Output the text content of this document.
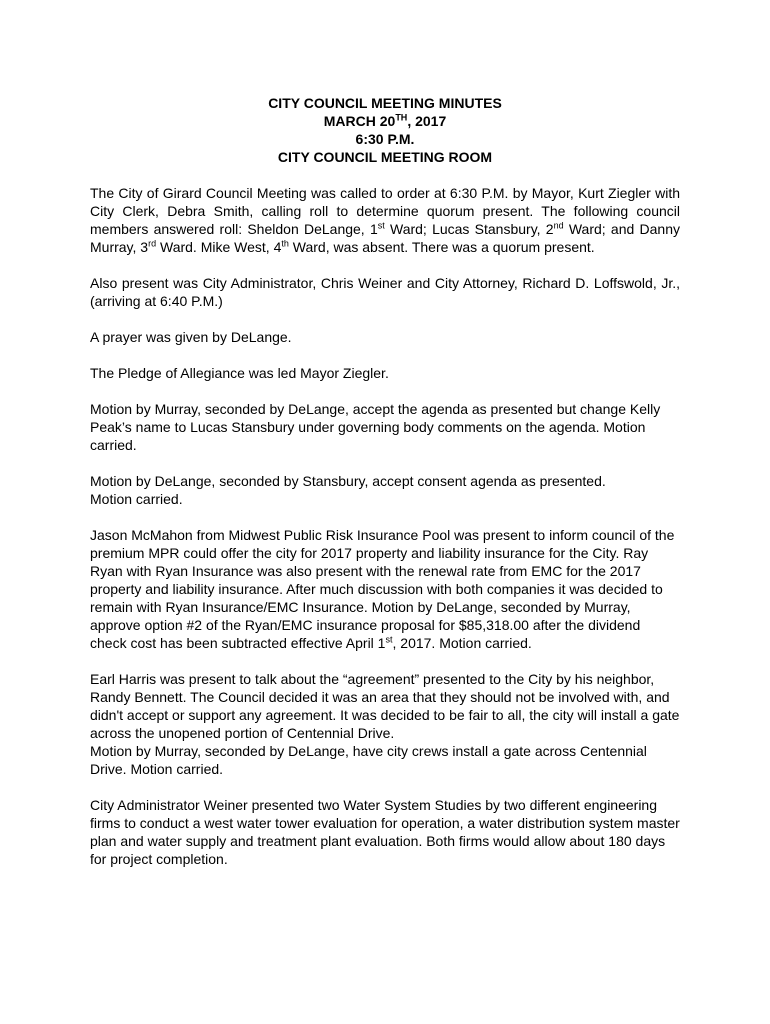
CITY COUNCIL MEETING MINUTES
MARCH 20TH, 2017
6:30 P.M.
CITY COUNCIL MEETING ROOM

The City of Girard Council Meeting was called to order at 6:30 P.M. by Mayor, Kurt Ziegler with City Clerk, Debra Smith, calling roll to determine quorum present. The following council members answered roll: Sheldon DeLange, 1st Ward; Lucas Stansbury, 2nd Ward; and Danny Murray, 3rd Ward. Mike West, 4th Ward, was absent. There was a quorum present.

Also present was City Administrator, Chris Weiner and City Attorney, Richard D. Loffswold, Jr., (arriving at 6:40 P.M.)

A prayer was given by DeLange.

The Pledge of Allegiance was led Mayor Ziegler.

Motion by Murray, seconded by DeLange, accept the agenda as presented but change Kelly Peak’s name to Lucas Stansbury under governing body comments on the agenda. Motion carried.

Motion by DeLange, seconded by Stansbury, accept consent agenda as presented.
Motion carried.

Jason McMahon from Midwest Public Risk Insurance Pool was present to inform council of the premium MPR could offer the city for 2017 property and liability insurance for the City. Ray Ryan with Ryan Insurance was also present with the renewal rate from EMC for the 2017 property and liability insurance. After much discussion with both companies it was decided to remain with Ryan Insurance/EMC Insurance. Motion by DeLange, seconded by Murray, approve option #2 of the Ryan/EMC insurance proposal for $85,318.00 after the dividend check cost has been subtracted effective April 1st, 2017. Motion carried.

Earl Harris was present to talk about the “agreement” presented to the City by his neighbor, Randy Bennett. The Council decided it was an area that they should not be involved with, and didn't accept or support any agreement. It was decided to be fair to all, the city will install a gate across the unopened portion of Centennial Drive.
Motion by Murray, seconded by DeLange, have city crews install a gate across Centennial Drive. Motion carried.

City Administrator Weiner presented two Water System Studies by two different engineering firms to conduct a west water tower evaluation for operation, a water distribution system master plan and water supply and treatment plant evaluation. Both firms would allow about 180 days for project completion.
